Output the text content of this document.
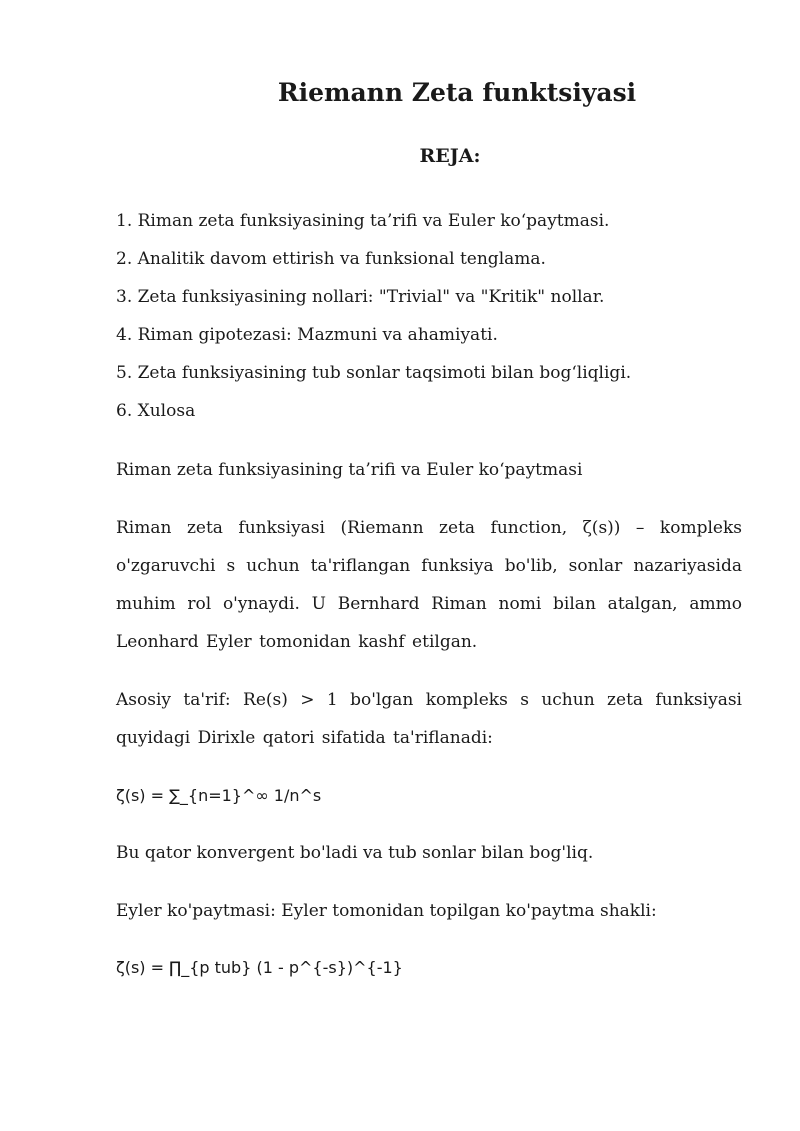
Riemann Zeta funktsiyasi
REJA:
1. Riman zeta funksiyasining ta’rifi va Euler ko‘paytmasi.
2. Analitik davom ettirish va funksional tenglama.
3. Zeta funksiyasining nollari: "Trivial" va "Kritik" nollar.
4. Riman gipotezasi: Mazmuni va ahamiyati.
5. Zeta funksiyasining tub sonlar taqsimoti bilan bog‘liqligi.
6. Xulosa

Riman zeta funksiyasining ta’rifi va Euler ko‘paytmasi

Riman zeta funksiyasi (Riemann zeta function, ζ(s)) – kompleks o'zgaruvchi s uchun ta'riflangan funksiya bo'lib, sonlar nazariyasida muhim rol o'ynaydi. U Bernhard Riman nomi bilan atalgan, ammo Leonhard Eyler tomonidan kashf etilgan.

Asosiy ta'rif: Re(s) > 1 bo'lgan kompleks s uchun zeta funksiyasi quyidagi Dirixle qatori sifatida ta'riflanadi:

ζ(s) = ∑_{n=1}^∞ 1/n^s

Bu qator konvergent bo'ladi va tub sonlar bilan bog'liq.

Eyler ko'paytmasi: Eyler tomonidan topilgan ko'paytma shakli:

ζ(s) = ∏_{p tub} (1 - p^{-s})^{-1}
